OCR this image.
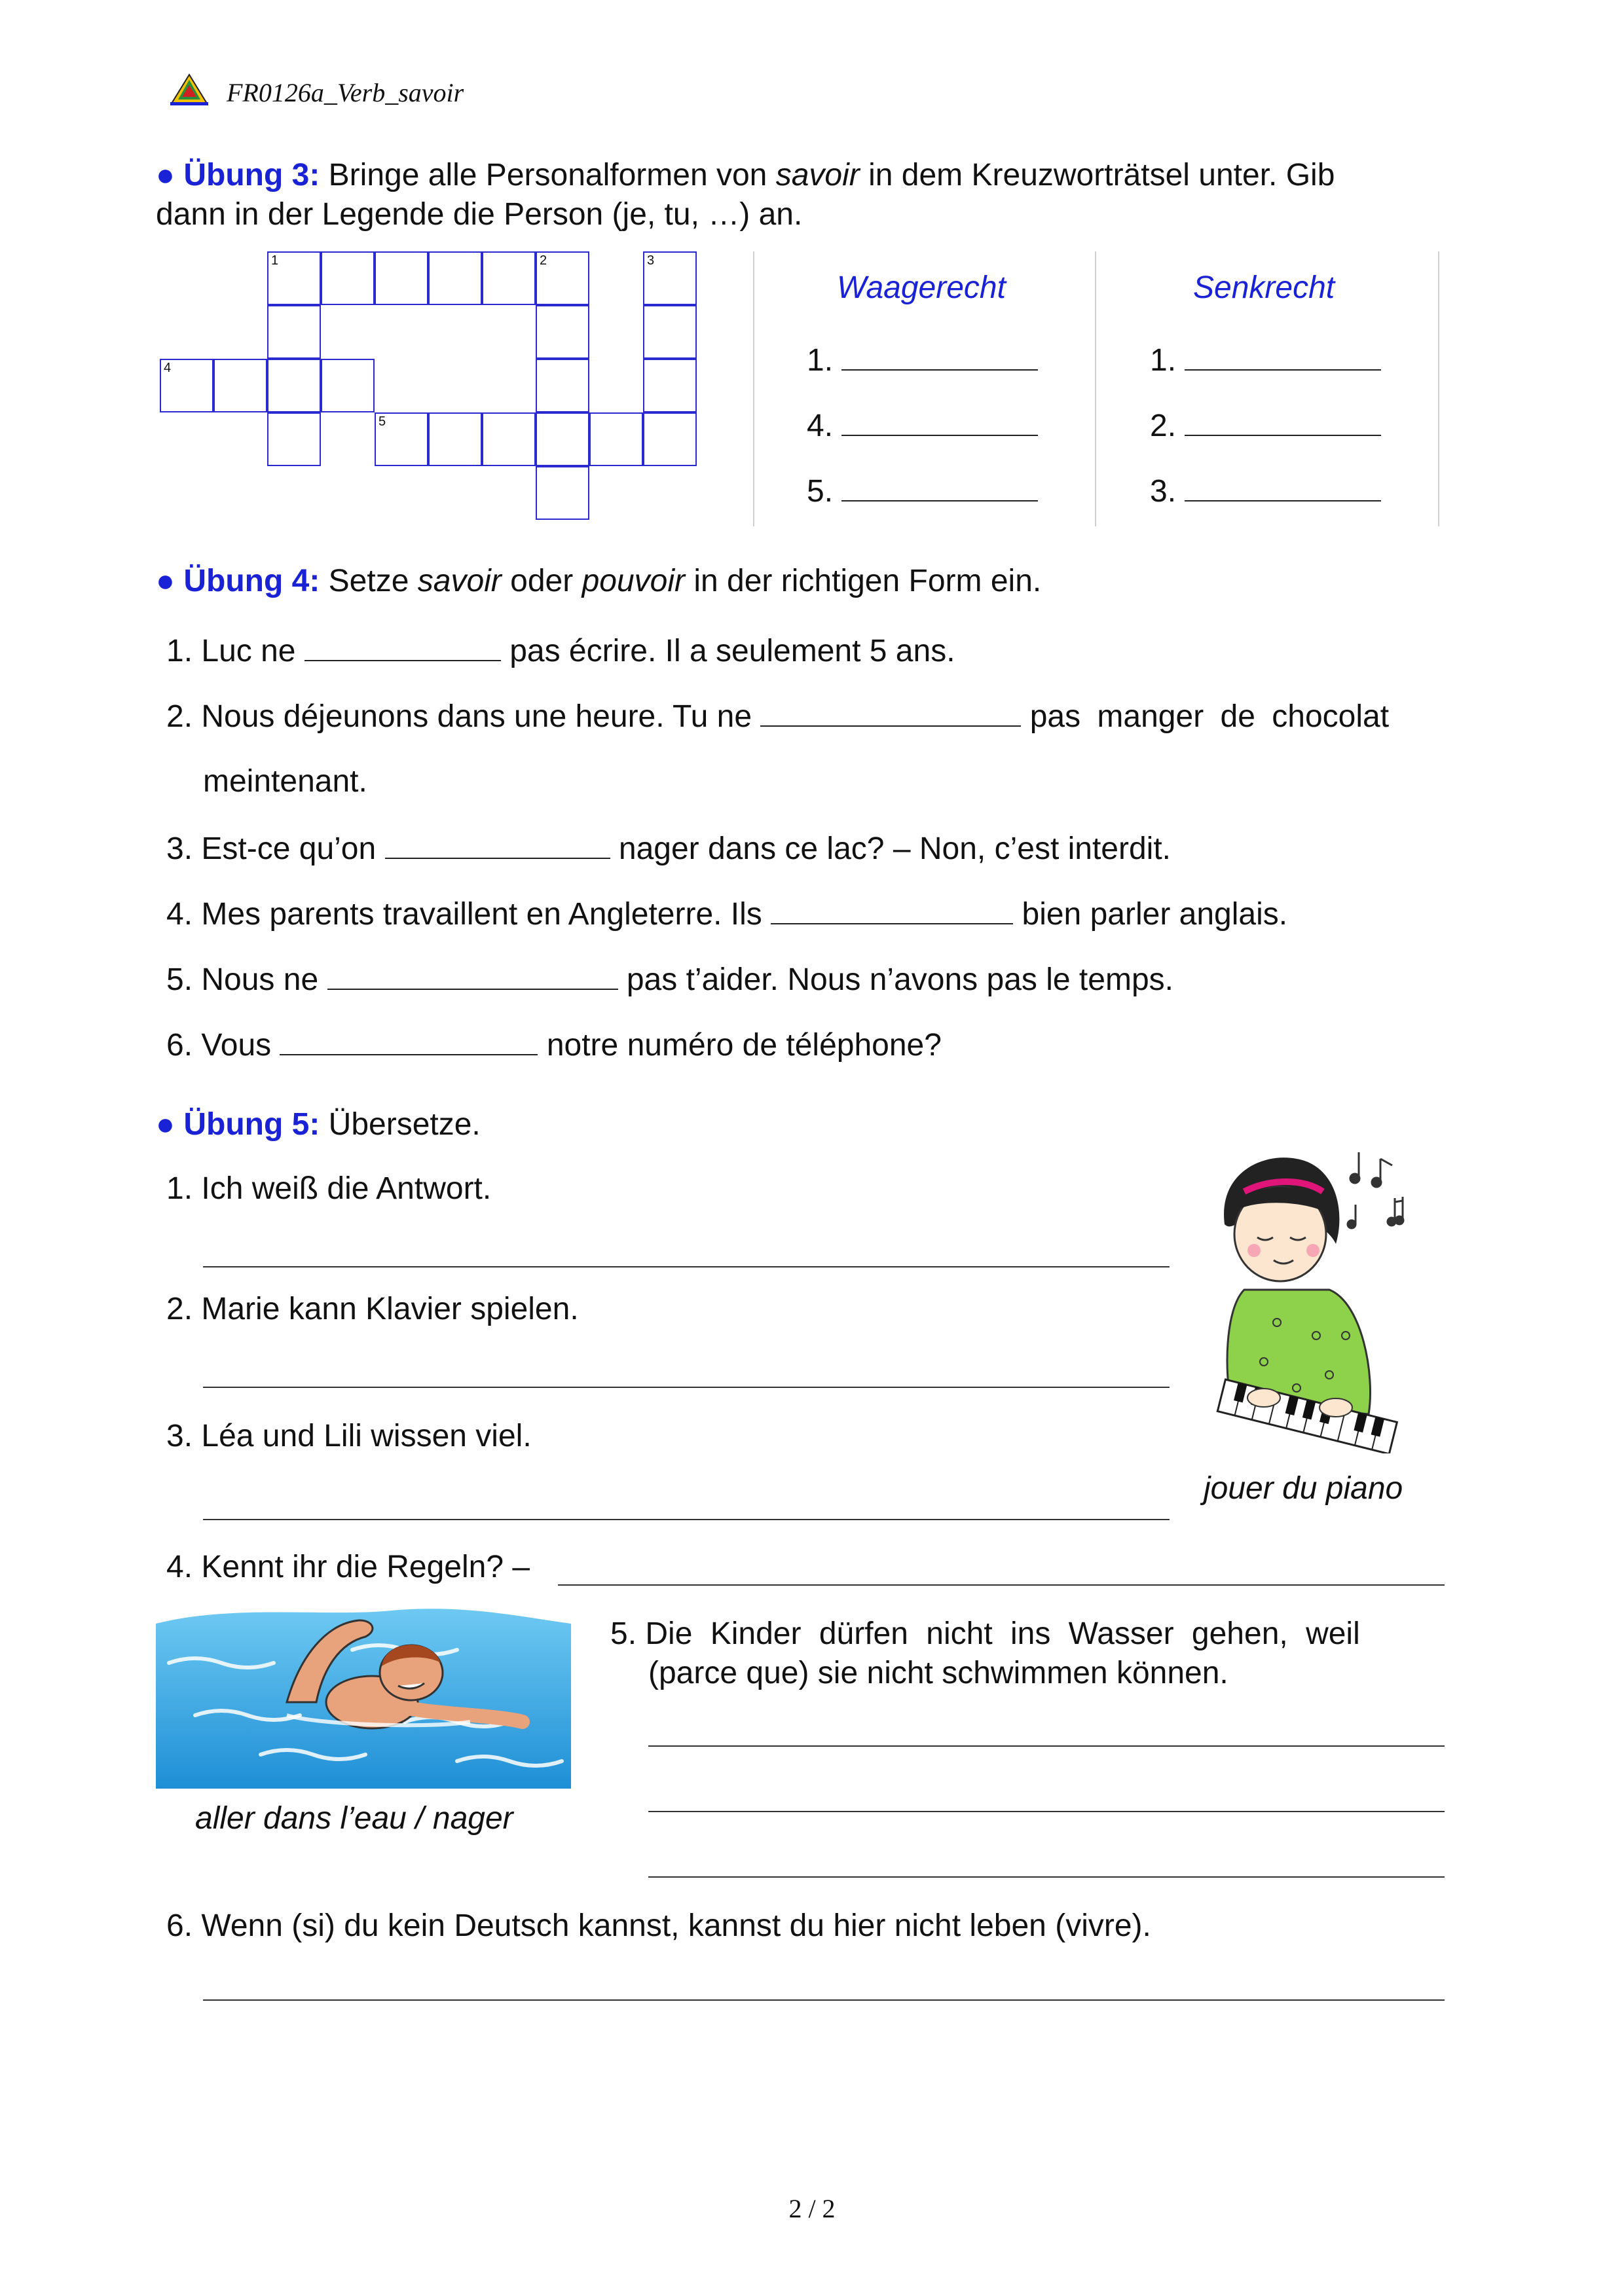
FR0126a_Verb_savoir
● Übung 3: Bringe alle Personalformen von savoir in dem Kreuzworträtsel unter. Gib
dann in der Legende die Person (je, tu, …) an.
1	2	3
4
5
Waagerecht	Senkrecht
1.
4.
5.
1.
2.
3.
● Übung 4: Setze savoir oder pouvoir in der richtigen Form ein.
1. Luc ne	pas écrire. Il a seulement 5 ans.
2. Nous déjeunons dans une heure. Tu ne	pas manger de chocolat
meintenant.
3. Est-ce qu’on	nager dans ce lac? – Non, c’est interdit.
4. Mes parents travaillent en Angleterre. Ils	bien parler anglais.
5. Nous ne	pas t’aider. Nous n’avons pas le temps.
6. Vous	notre numéro de téléphone?
● Übung 5: Übersetze.
1. Ich weiß die Antwort.
2. Marie kann Klavier spielen.
3. Léa und Lili wissen viel.
jouer du piano
4. Kennt ihr die Regeln? –
aller dans l’eau / nager
5. Die Kinder dürfen nicht ins Wasser gehen, weil
(parce que) sie nicht schwimmen können.
6. Wenn (si) du kein Deutsch kannst, kannst du hier nicht leben (vivre).
2 / 2
